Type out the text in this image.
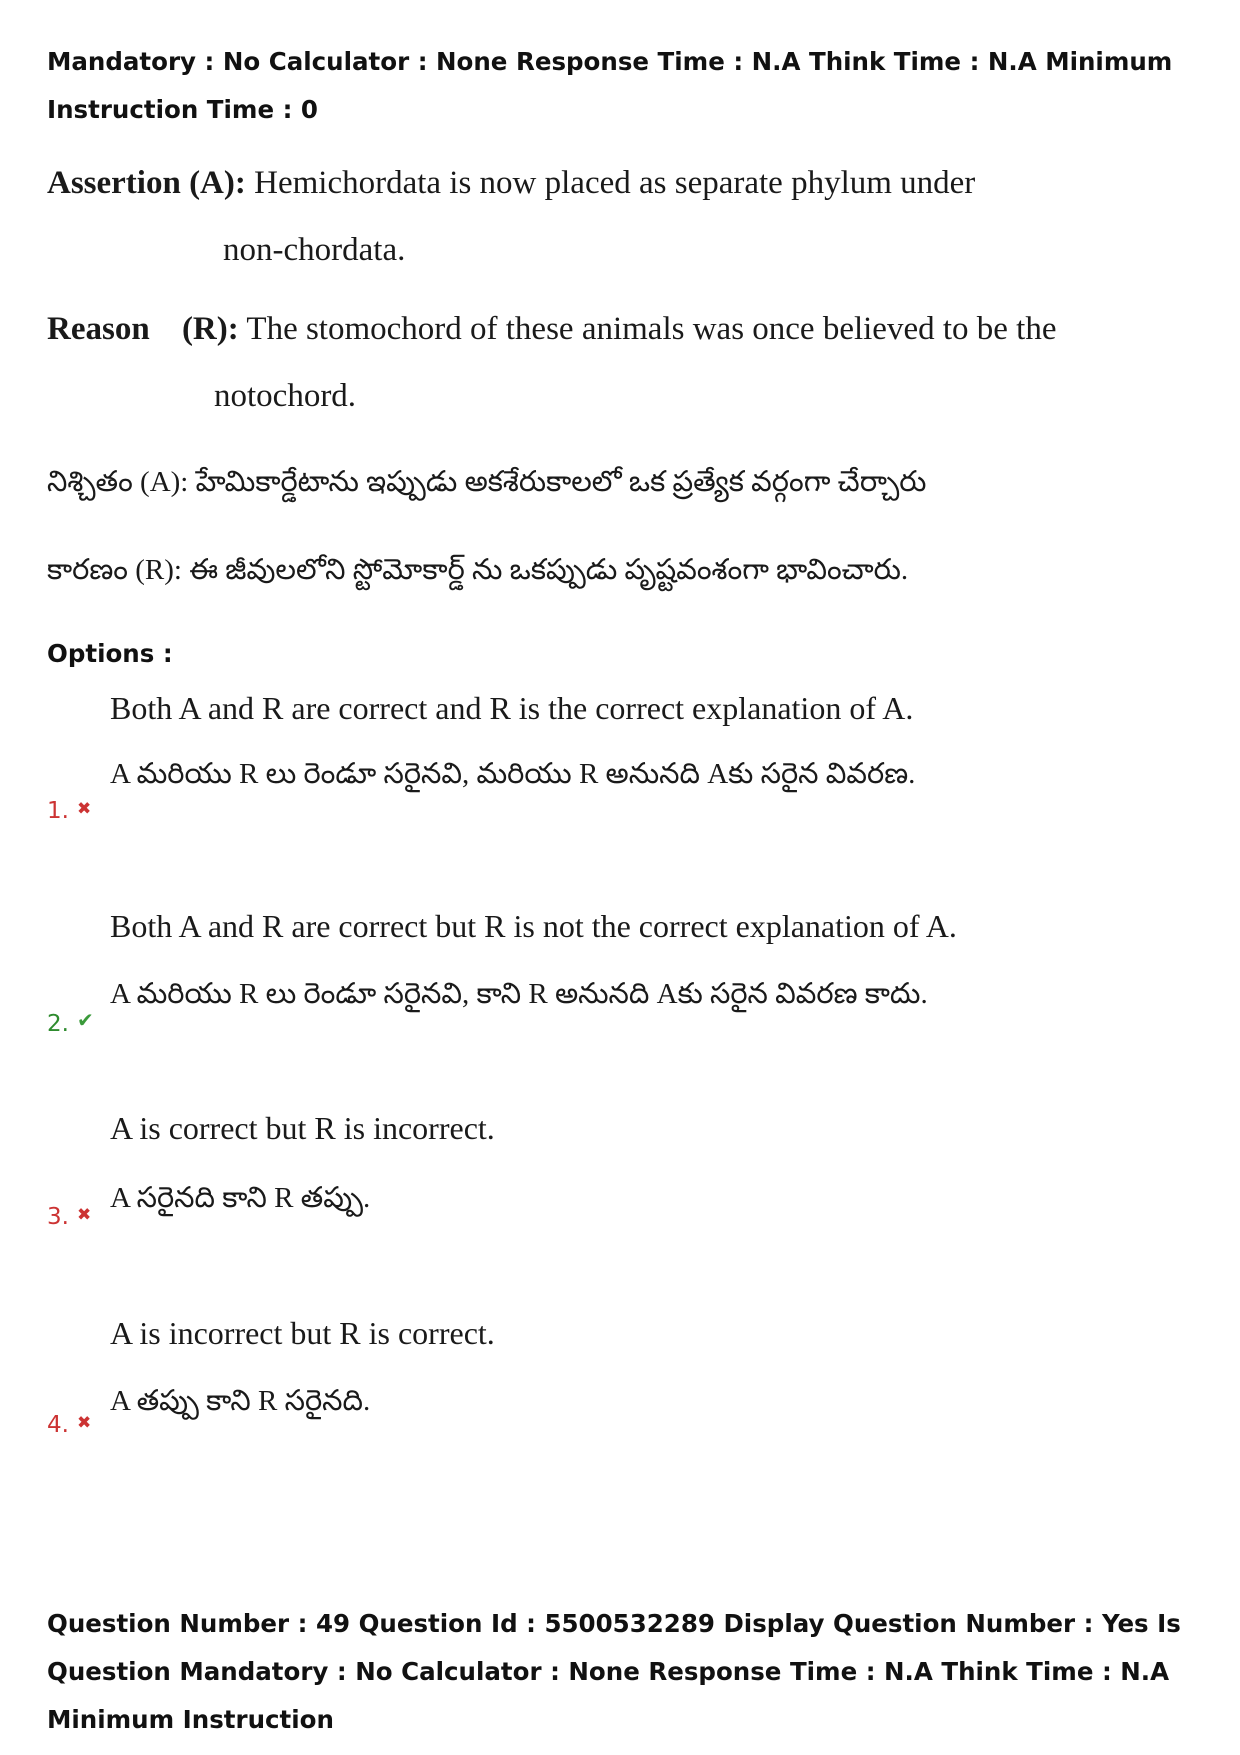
Mandatory : No Calculator : None Response Time : N.A Think Time : N.A Minimum Instruction Time : 0
Assertion (A): Hemichordata is now placed as separate phylum under
non-chordata.
Reason (R): The stomochord of these animals was once believed to be the
notochord.
నిశ్చితం (A): హేమికార్డేటాను ఇప్పుడు అకశేరుకాలలో ఒక ప్రత్యేక వర్గంగా చేర్చారు
కారణం (R): ఈ జీవులలోని స్టోమోకార్డ్ ను ఒకప్పుడు పృష్టవంశంగా భావించారు.
Options :
Both A and R are correct and R is the correct explanation of A.
A మరియు R లు రెండూ సరైనవి, మరియు R అనునది Aకు సరైన వివరణ.
1. ✖
Both A and R are correct but R is not the correct explanation of A.
A మరియు R లు రెండూ సరైనవి, కాని R అనునది Aకు సరైన వివరణ కాదు.
2. ✔
A is correct but R is incorrect.
A సరైనది కాని R తప్పు.
3. ✖
A is incorrect but R is correct.
A తప్పు కాని R సరైనది.
4. ✖
Question Number : 49 Question Id : 5500532289 Display Question Number : Yes Is Question Mandatory : No Calculator : None Response Time : N.A Think Time : N.A Minimum Instruction
